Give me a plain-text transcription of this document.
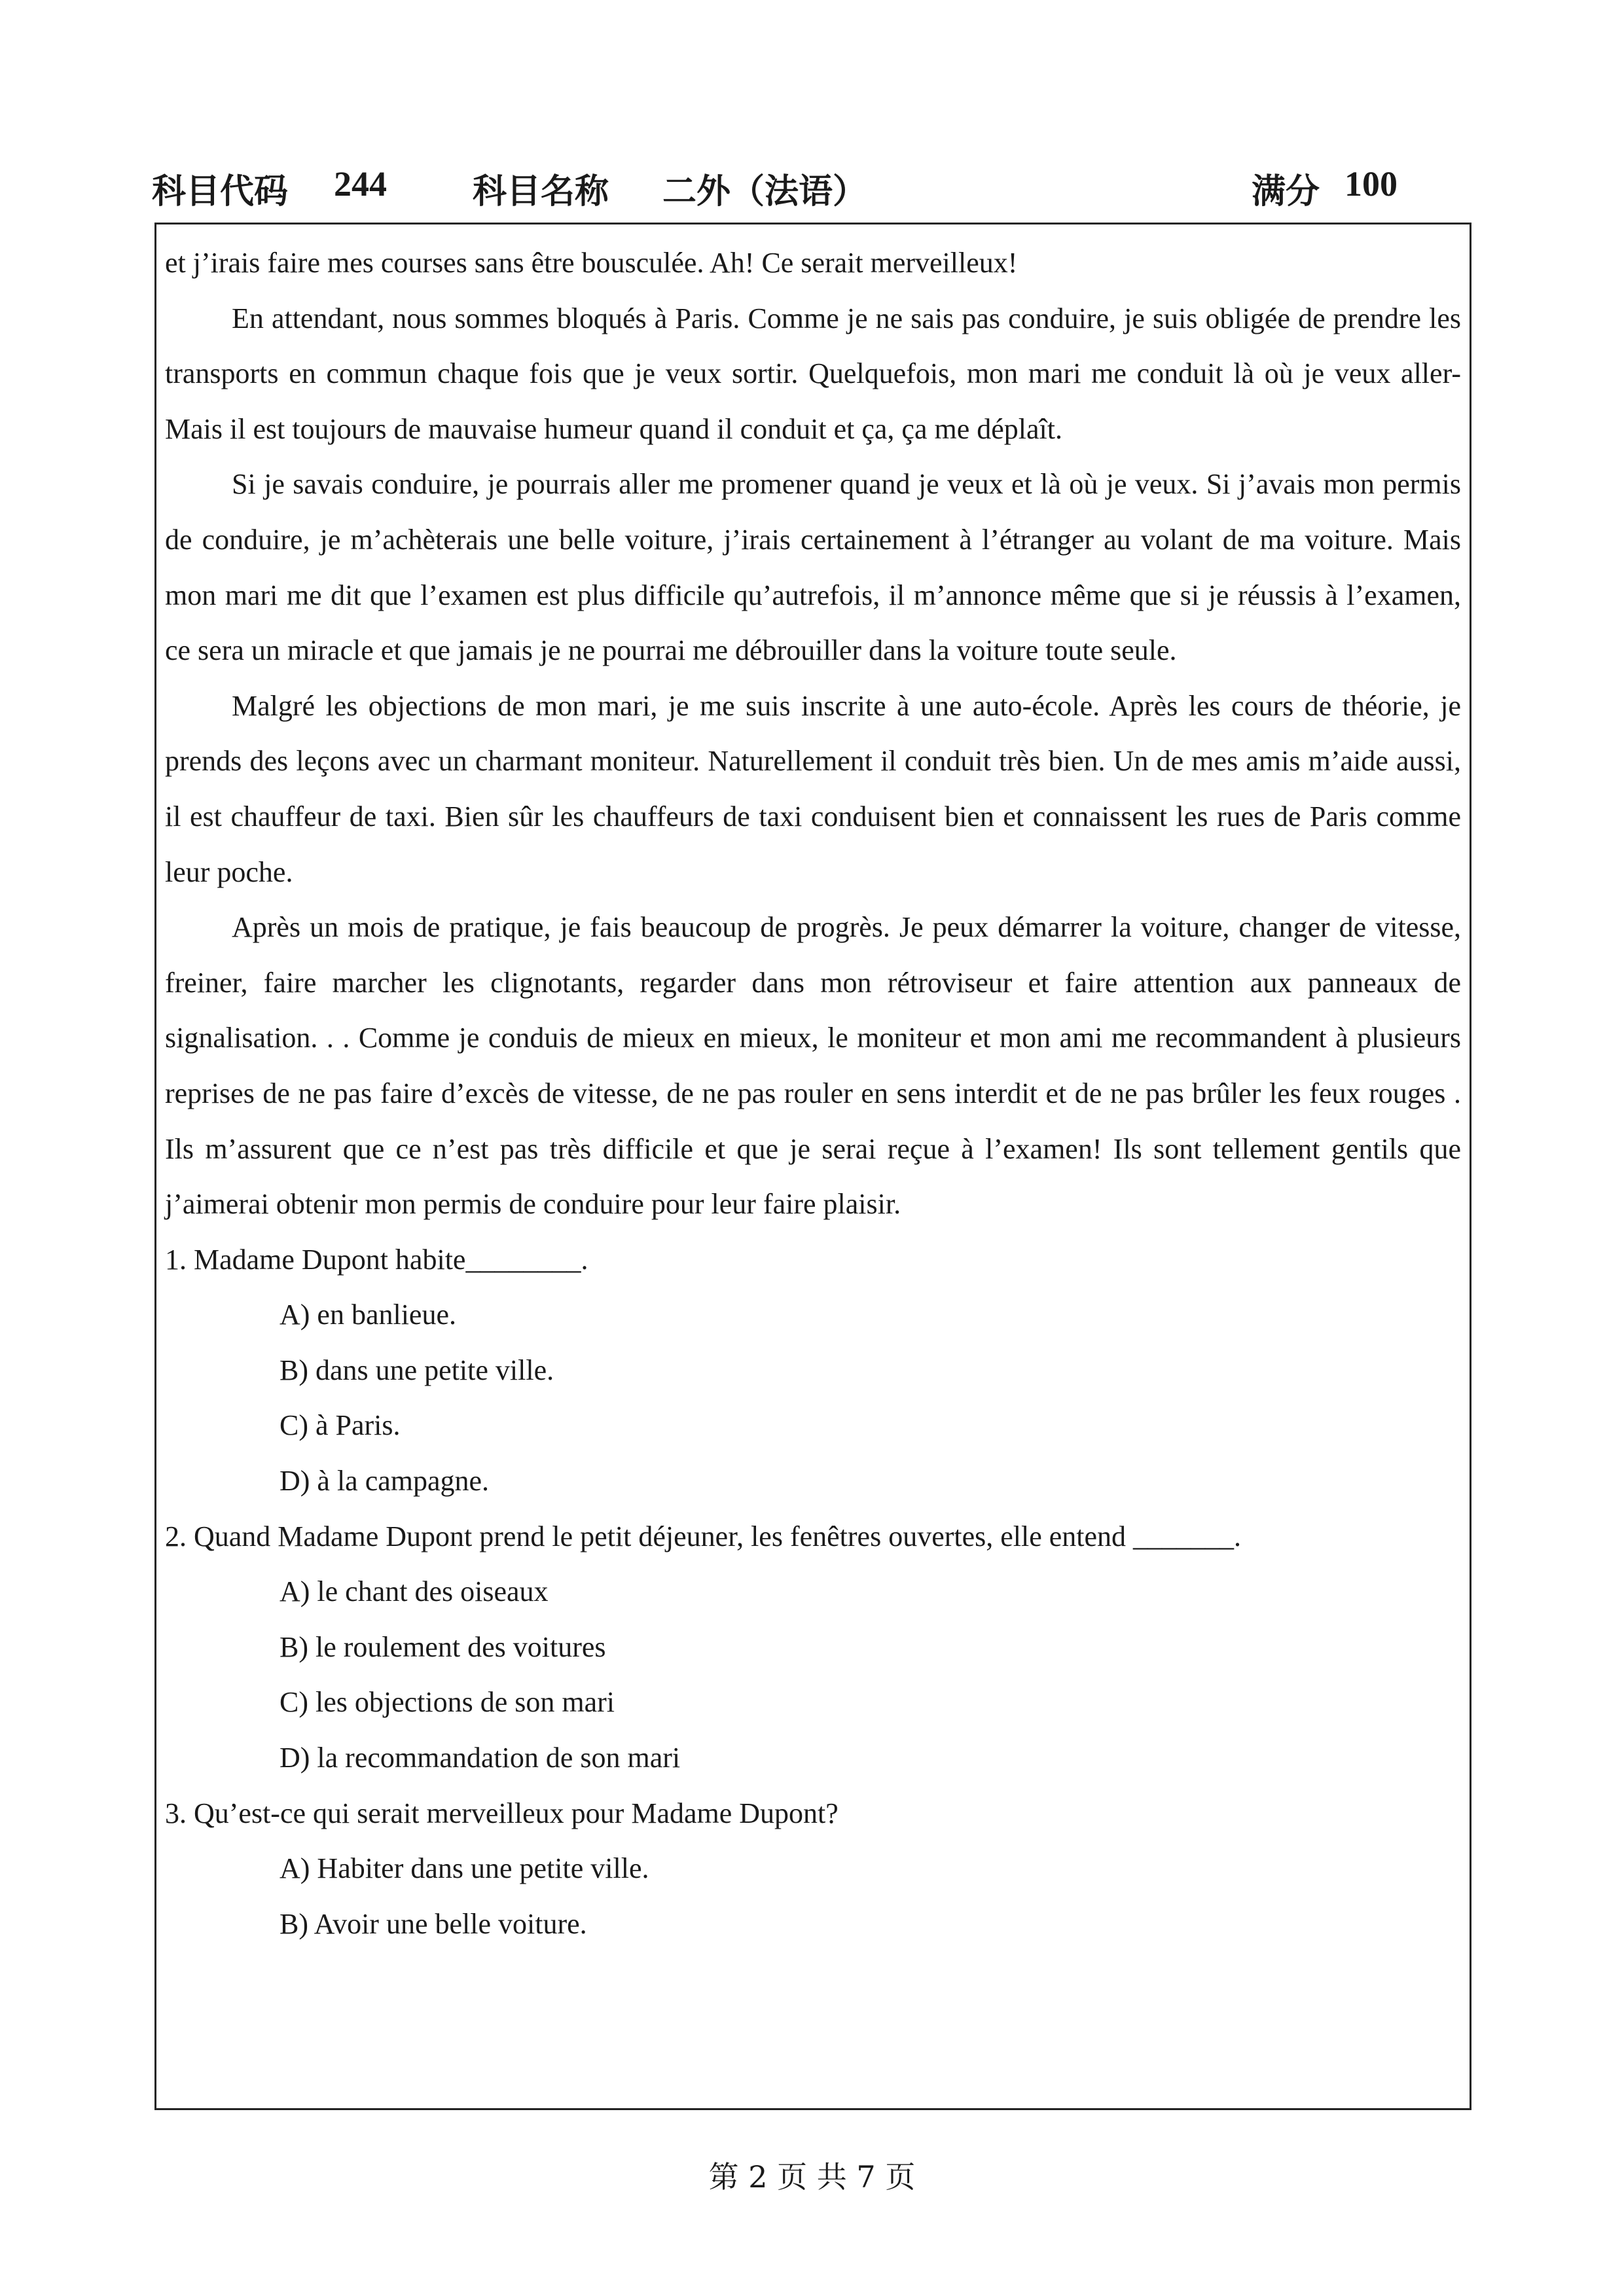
科目代码 244	科目名称 二外（法语）	满分 100

et j’irais faire mes courses sans être bousculée. Ah! Ce serait merveilleux!

En attendant, nous sommes bloqués à Paris. Comme je ne sais pas conduire, je suis obligée de prendre les transports en commun chaque fois que je veux sortir. Quelquefois, mon mari me conduit là où je veux aller- Mais il est toujours de mauvaise humeur quand il conduit et ça, ça me déplaît.

Si je savais conduire, je pourrais aller me promener quand je veux et là où je veux. Si j’avais mon permis de conduire, je m’achèterais une belle voiture, j’irais certainement à l’étranger au volant de ma voiture. Mais mon mari me dit que l’examen est plus difficile qu’autrefois, il m’annonce même que si je réussis à l’examen, ce sera un miracle et que jamais je ne pourrai me débrouiller dans la voiture toute seule.

Malgré les objections de mon mari, je me suis inscrite à une auto-école. Après les cours de théorie, je prends des leçons avec un charmant moniteur. Naturellement il conduit très bien. Un de mes amis m’aide aussi, il est chauffeur de taxi. Bien sûr les chauffeurs de taxi conduisent bien et connaissent les rues de Paris comme leur poche.

Après un mois de pratique, je fais beaucoup de progrès. Je peux démarrer la voiture, changer de vitesse, freiner, faire marcher les clignotants, regarder dans mon rétroviseur et faire attention aux panneaux de signalisation. . . Comme je conduis de mieux en mieux, le moniteur et mon ami me recommandent à plusieurs reprises de ne pas faire d’excès de vitesse, de ne pas rouler en sens interdit et de ne pas brûler les feux rouges . Ils m’assurent que ce n’est pas très difficile et que je serai reçue à l’examen! Ils sont tellement gentils que j’aimerai obtenir mon permis de conduire pour leur faire plaisir.

1. Madame Dupont habite________.

A) en banlieue.

B) dans une petite ville.

C) à Paris.

D) à la campagne.

2. Quand Madame Dupont prend le petit déjeuner, les fenêtres ouvertes, elle entend _______.

A) le chant des oiseaux

B) le roulement des voitures

C) les objections de son mari

D) la recommandation de son mari

3. Qu’est-ce qui serait merveilleux pour Madame Dupont?

A) Habiter dans une petite ville.

B) Avoir une belle voiture.

第 2 页 共 7 页
